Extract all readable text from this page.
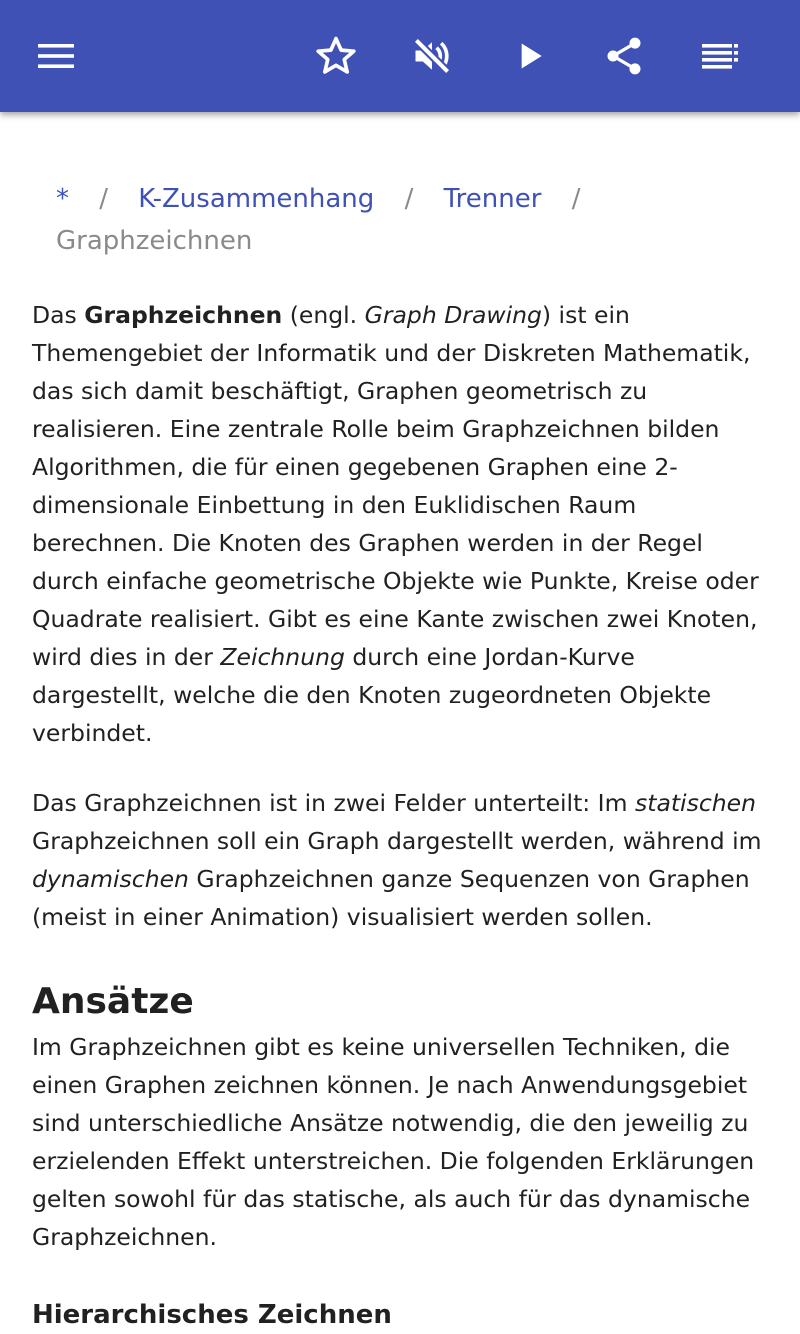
* / K-Zusammenhang / Trenner /
Graphzeichnen

Das Graphzeichnen (engl. Graph Drawing) ist ein Themengebiet der Informatik und der Diskreten Mathematik, das sich damit beschäftigt, Graphen geometrisch zu realisieren. Eine zentrale Rolle beim Graphzeichnen bilden Algorithmen, die für einen gegebenen Graphen eine 2-dimensionale Einbettung in den Euklidischen Raum berechnen. Die Knoten des Graphen werden in der Regel durch einfache geometrische Objekte wie Punkte, Kreise oder Quadrate realisiert. Gibt es eine Kante zwischen zwei Knoten, wird dies in der Zeichnung durch eine Jordan-Kurve dargestellt, welche die den Knoten zugeordneten Objekte verbindet.

Das Graphzeichnen ist in zwei Felder unterteilt: Im statischen Graphzeichnen soll ein Graph dargestellt werden, während im dynamischen Graphzeichnen ganze Sequenzen von Graphen (meist in einer Animation) visualisiert werden sollen.

Ansätze

Im Graphzeichnen gibt es keine universellen Techniken, die einen Graphen zeichnen können. Je nach Anwendungsgebiet sind unterschiedliche Ansätze notwendig, die den jeweilig zu erzielenden Effekt unterstreichen. Die folgenden Erklärungen gelten sowohl für das statische, als auch für das dynamische Graphzeichnen.

Hierarchisches Zeichnen
